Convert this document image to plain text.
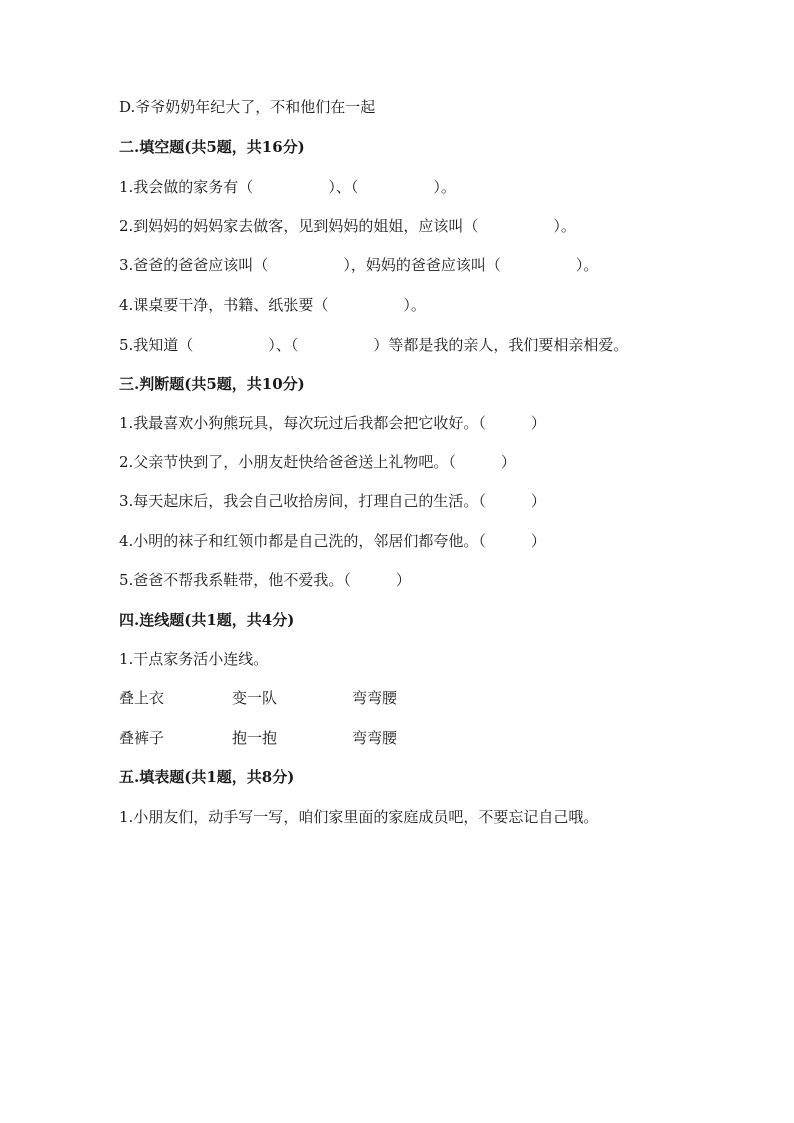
D.爷爷奶奶年纪大了，不和他们在一起
二.填空题(共5题，共16分)
1.我会做的家务有（　　　　　）、（　　　　　）。
2.到妈妈的妈妈家去做客，见到妈妈的姐姐，应该叫（　　　　　）。
3.爸爸的爸爸应该叫（　　　　　），妈妈的爸爸应该叫（　　　　　）。
4.课桌要干净，书籍、纸张要（　　　　　）。
5.我知道（　　　　　）、（　　　　　）等都是我的亲人，我们要相亲相爱。
三.判断题(共5题，共10分)
1.我最喜欢小狗熊玩具，每次玩过后我都会把它收好。（　　　）
2.父亲节快到了，小朋友赶快给爸爸送上礼物吧。（　　　）
3.每天起床后，我会自己收拾房间，打理自己的生活。（　　　）
4.小明的袜子和红领巾都是自己洗的，邻居们都夸他。（　　　）
5.爸爸不帮我系鞋带，他不爱我。（　　　）
四.连线题(共1题，共4分)
1.干点家务活小连线。
叠上衣	变一队	弯弯腰
叠裤子	抱一抱	弯弯腰
五.填表题(共1题，共8分)
1.小朋友们，动手写一写，咱们家里面的家庭成员吧，不要忘记自己哦。
